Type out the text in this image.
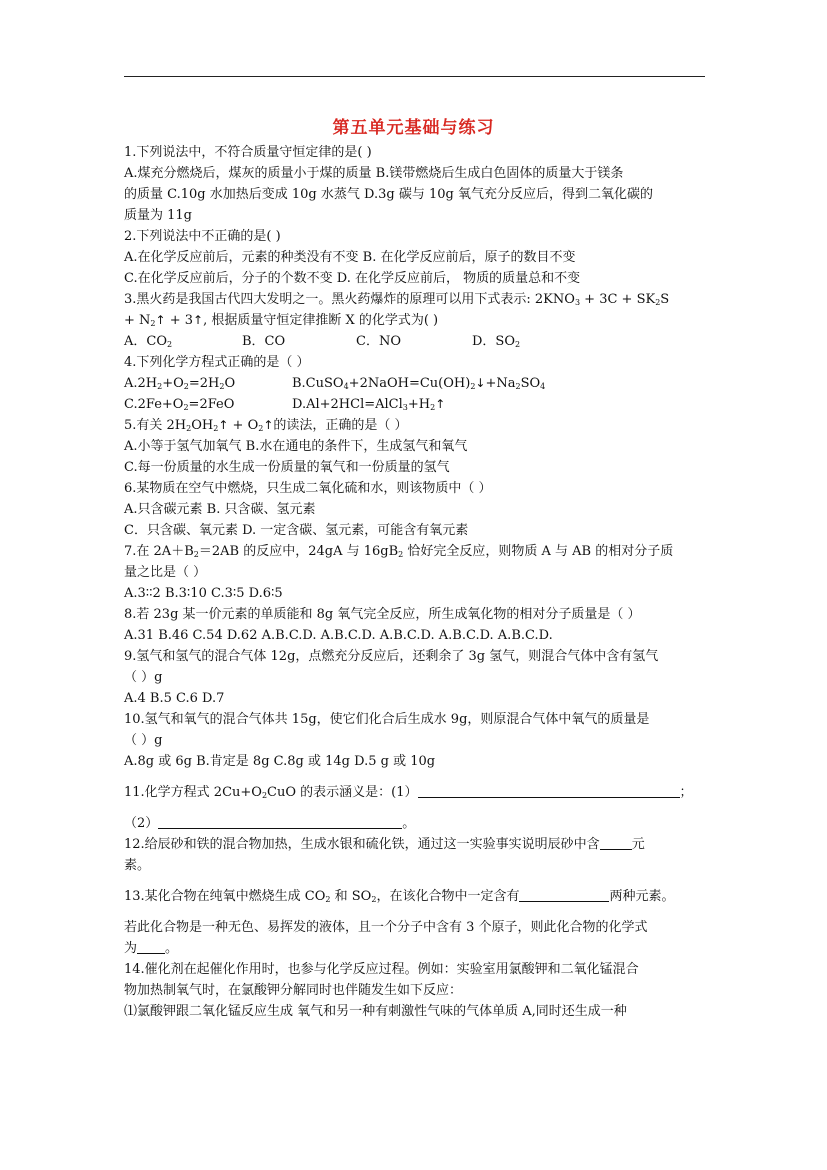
第五单元基础与练习
1.下列说法中，不符合质量守恒定律的是( )
A.煤充分燃烧后，煤灰的质量小于煤的质量 B.镁带燃烧后生成白色固体的质量大于镁条
的质量 C.10g 水加热后变成 10g 水蒸气 D.3g 碳与 10g 氧气充分反应后，得到二氧化碳的
质量为 11g
2.下列说法中不正确的是( )
A.在化学反应前后，元素的种类没有不变 B. 在化学反应前后，原子的数目不变
C.在化学反应前后，分子的个数不变 D. 在化学反应前后， 物质的质量总和不变
3.黑火药是我国古代四大发明之一。黑火药爆炸的原理可以用下式表示: $2KNO_3 + 3C + SK_2S$
+ $N_2↑$ + 3↑, 根据质量守恒定律推断 X 的化学式为( )
A．$CO_2$	B．CO	C．NO	D．$SO_2$
4.下列化学方程式正确的是（ ）
$A.2H_2+O_2=2H_2O$	$B.CuSO_4+2NaOH=Cu(OH)_2↓+Na_2SO_4$
$C.2Fe+O_2=2FeO$	$D.Al+2HCl=AlCl_3+H_2↑$
5.有关 $2H_2OH_2↑$ + $O_2↑$的读法，正确的是（ ）
A.小等于氢气加氧气 B.水在通电的条件下，生成氢气和氧气
C.每一份质量的水生成一份质量的氧气和一份质量的氢气
6.某物质在空气中燃烧，只生成二氧化硫和水，则该物质中（ ）
A.只含碳元素 B. 只含碳、氢元素
C．只含碳、氧元素 D. 一定含碳、氢元素，可能含有氧元素
7.在 $2A+B_2=2AB$ 的反应中，24gA 与 $16gB_2$ 恰好完全反应，则物质 A 与 AB 的相对分子质
量之比是（ ）
A.3∶∶2 B.3∶10 C.3∶5 D.6∶5
8.若 23g 某一价元素的单质能和 8g 氧气完全反应，所生成氧化物的相对分子质量是（ ）
A.31 B.46 C.54 D.62 A.B.C.D. A.B.C.D. A.B.C.D. A.B.C.D. A.B.C.D.
9.氢气和氢气的混合气体 12g，点燃充分反应后，还剩余了 3g 氢气，则混合气体中含有氢气
（ ）g
A.4 B.5 C.6 D.7
10.氢气和氧气的混合气体共 15g，使它们化合后生成水 9g，则原混合气体中氧气的质量是
（ ）g
A.8g 或 6g B.肯定是 8g C.8g 或 14g D.5 g 或 10g
11.化学方程式 $2Cu+O_2CuO$ 的表示涵义是：(1）	；
（2）	。
12.给辰砂和铁的混合物加热，生成水银和硫化铁，通过这一实验事实说明辰砂中含 元
素。
13.某化合物在纯氧中燃烧生成 $CO_2$ 和 $SO_2$，在该化合物中一定含有	两种元素。
若此化合物是一种无色、易挥发的液体，且一个分子中含有 3 个原子，则此化合物的化学式
为 。
14.催化剂在起催化作用时，也参与化学反应过程。例如：实验室用氯酸钾和二氧化锰混合
物加热制氧气时，在氯酸钾分解同时也伴随发生如下反应：
⑴氯酸钾跟二氧化锰反应生成 氧气和另一种有刺激性气味的气体单质 A,同时还生成一种
